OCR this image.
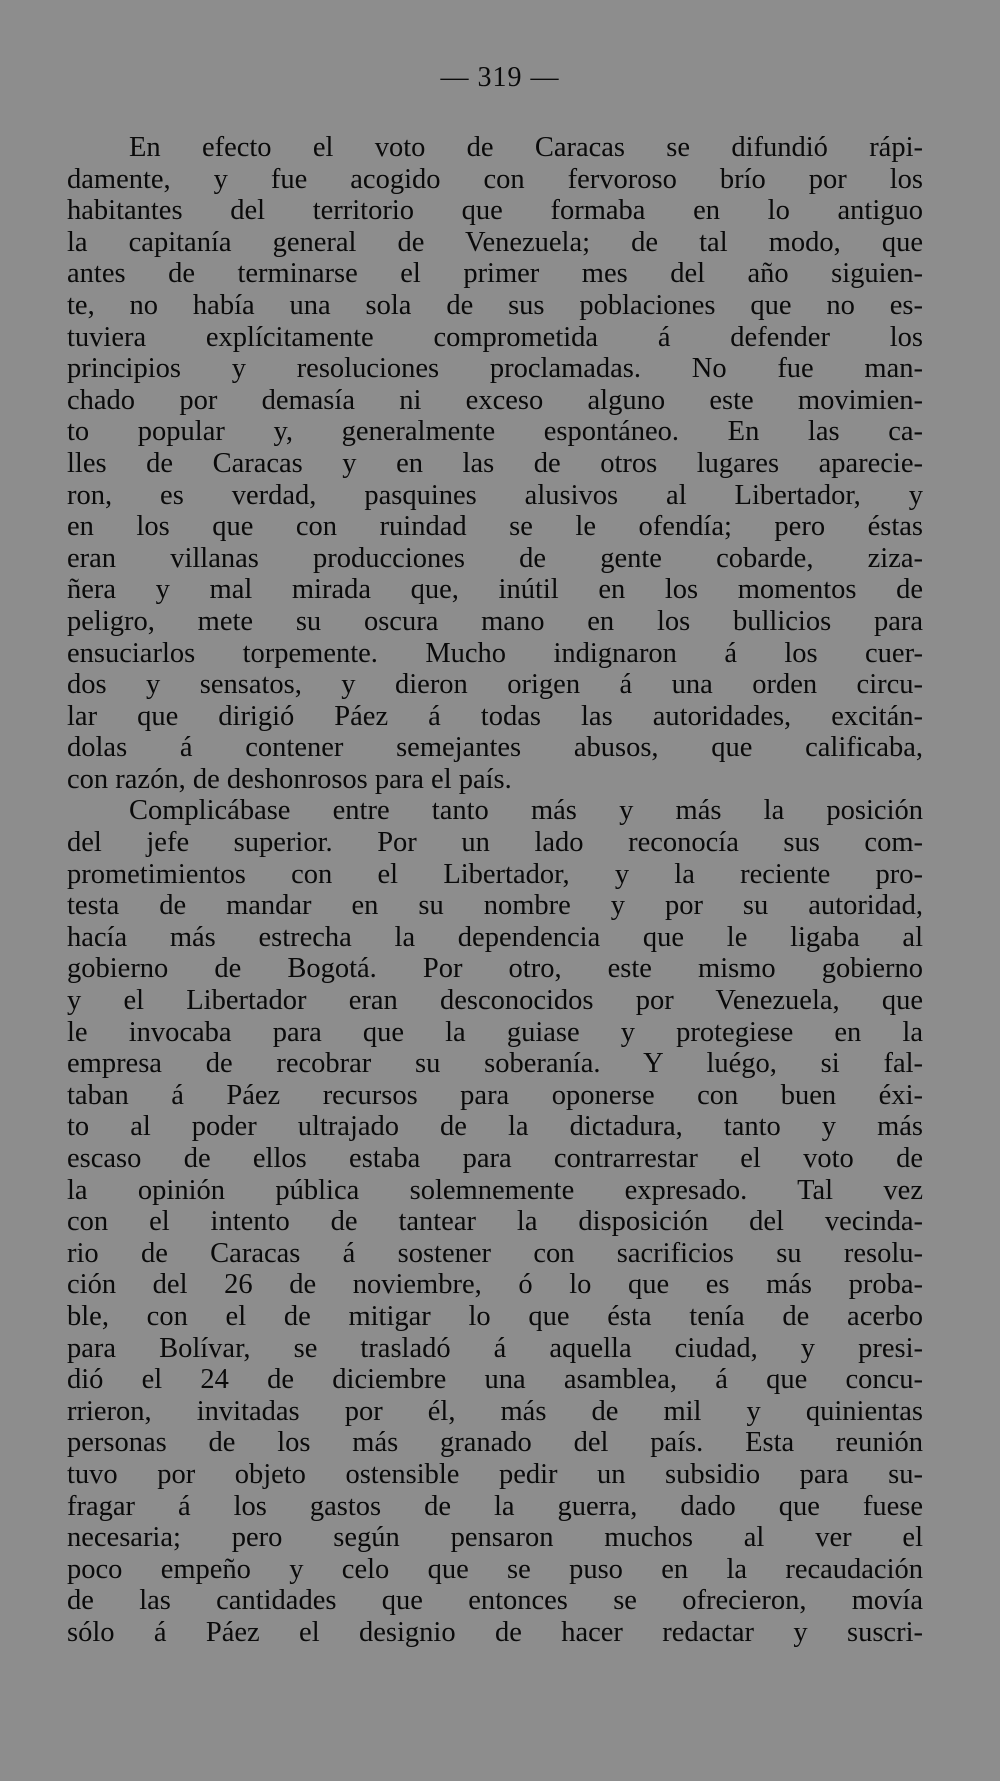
— 319 —

En efecto el voto de Caracas se difundió rápi-
damente, y fue acogido con fervoroso brío por los
habitantes del territorio que formaba en lo antiguo
la capitanía general de Venezuela; de tal modo, que
antes de terminarse el primer mes del año siguien-
te, no había una sola de sus poblaciones que no es-
tuviera explícitamente comprometida á defender los
principios y resoluciones proclamadas. No fue man-
chado por demasía ni exceso alguno este movimien-
to popular y, generalmente espontáneo. En las ca-
lles de Caracas y en las de otros lugares aparecie-
ron, es verdad, pasquines alusivos al Libertador, y
en los que con ruindad se le ofendía; pero éstas
eran villanas producciones de gente cobarde, ziza-
ñera y mal mirada que, inútil en los momentos de
peligro, mete su oscura mano en los bullicios para
ensuciarlos torpemente. Mucho indignaron á los cuer-
dos y sensatos, y dieron origen á una orden circu-
lar que dirigió Páez á todas las autoridades, excitán-
dolas á contener semejantes abusos, que calificaba,
con razón, de deshonrosos para el país.

Complicábase entre tanto más y más la posición
del jefe superior. Por un lado reconocía sus com-
prometimientos con el Libertador, y la reciente pro-
testa de mandar en su nombre y por su autoridad,
hacía más estrecha la dependencia que le ligaba al
gobierno de Bogotá. Por otro, este mismo gobierno
y el Libertador eran desconocidos por Venezuela, que
le invocaba para que la guiase y protegiese en la
empresa de recobrar su soberanía. Y luégo, si fal-
taban á Páez recursos para oponerse con buen éxi-
to al poder ultrajado de la dictadura, tanto y más
escaso de ellos estaba para contrarrestar el voto de
la opinión pública solemnemente expresado. Tal vez
con el intento de tantear la disposición del vecinda-
rio de Caracas á sostener con sacrificios su resolu-
ción del 26 de noviembre, ó lo que es más proba-
ble, con el de mitigar lo que ésta tenía de acerbo
para Bolívar, se trasladó á aquella ciudad, y presi-
dió el 24 de diciembre una asamblea, á que concu-
rrieron, invitadas por él, más de mil y quinientas
personas de los más granado del país. Esta reunión
tuvo por objeto ostensible pedir un subsidio para su-
fragar á los gastos de la guerra, dado que fuese
necesaria; pero según pensaron muchos al ver el
poco empeño y celo que se puso en la recaudación
de las cantidades que entonces se ofrecieron, movía
sólo á Páez el designio de hacer redactar y suscri-
